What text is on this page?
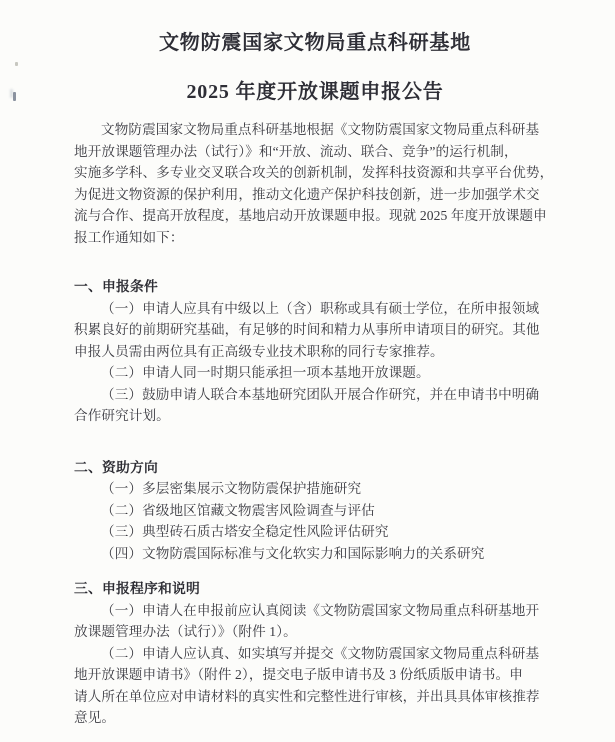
文物防震国家文物局重点科研基地
2025 年度开放课题申报公告
文物防震国家文物局重点科研基地根据《文物防震国家文物局重点科研基
地开放课题管理办法（试行）》和“开放、流动、联合、竞争”的运行机制，
实施多学科、多专业交叉联合攻关的创新机制，发挥科技资源和共享平台优势，
为促进文物资源的保护利用，推动文化遗产保护科技创新，进一步加强学术交
流与合作、提高开放程度，基地启动开放课题申报。现就 2025 年度开放课题申
报工作通知如下：
一、申报条件
（一）申请人应具有中级以上（含）职称或具有硕士学位，在所申报领域
积累良好的前期研究基础，有足够的时间和精力从事所申请项目的研究。其他
申报人员需由两位具有正高级专业技术职称的同行专家推荐。
（二）申请人同一时期只能承担一项本基地开放课题。
（三）鼓励申请人联合本基地研究团队开展合作研究，并在申请书中明确
合作研究计划。
二、资助方向
（一）多层密集展示文物防震保护措施研究
（二）省级地区馆藏文物震害风险调查与评估
（三）典型砖石质古塔安全稳定性风险评估研究
（四）文物防震国际标准与文化软实力和国际影响力的关系研究
三、申报程序和说明
（一）申请人在申报前应认真阅读《文物防震国家文物局重点科研基地开
放课题管理办法（试行）》（附件 1）。
（二）申请人应认真、如实填写并提交《文物防震国家文物局重点科研基
地开放课题申请书》（附件 2），提交电子版申请书及 3 份纸质版申请书。申
请人所在单位应对申请材料的真实性和完整性进行审核，并出具具体审核推荐
意见。
